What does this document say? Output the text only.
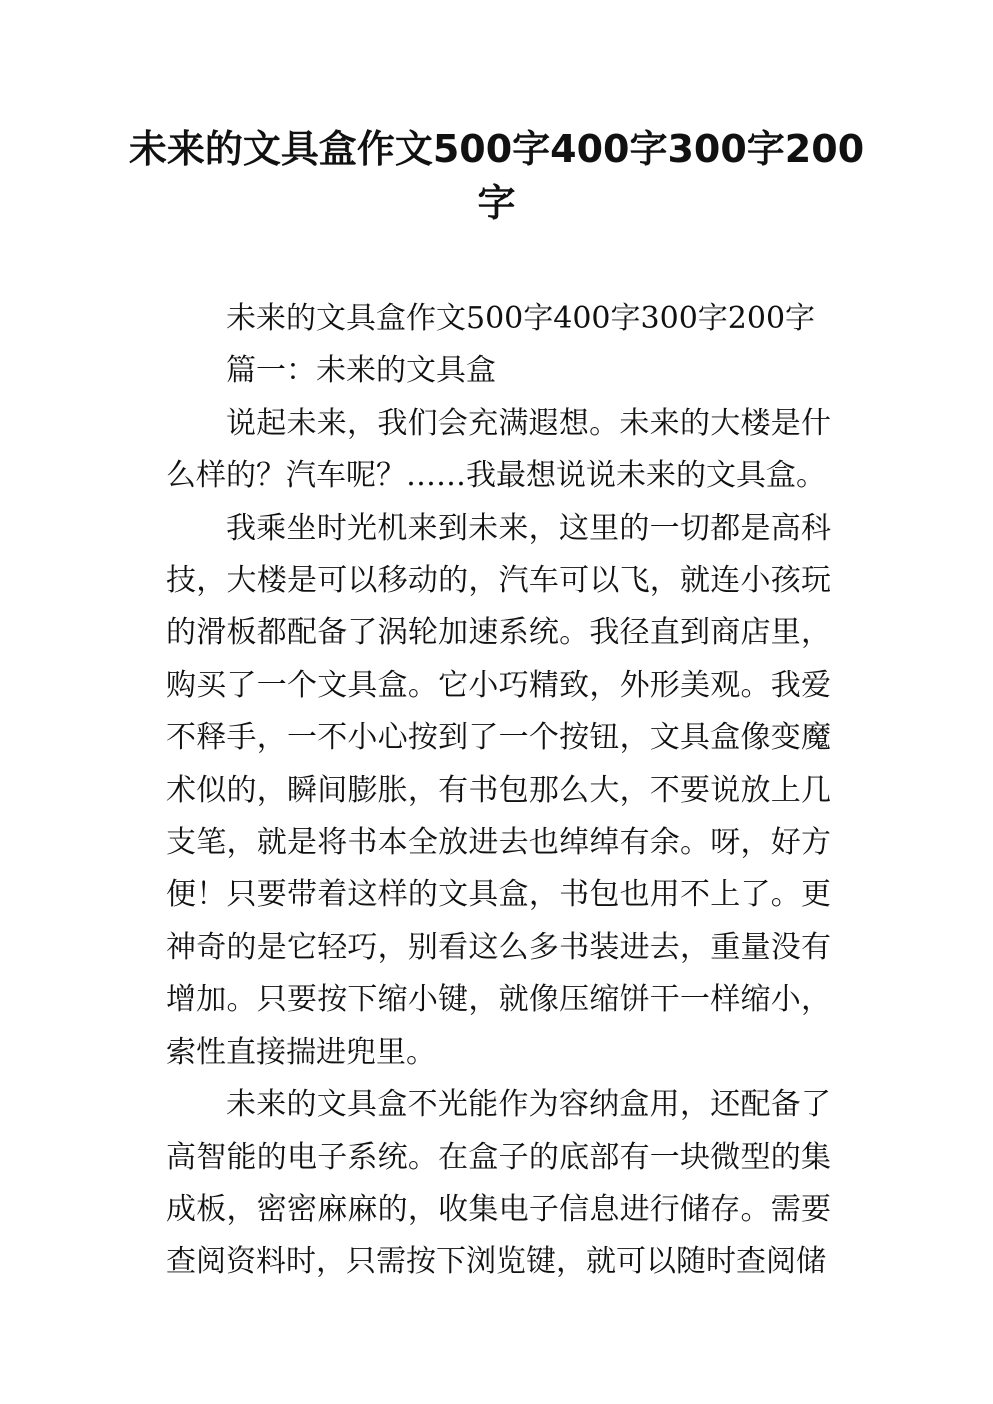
未来的文具盒作文500字400字300字200字

未来的文具盒作文500字400字300字200字

篇一：未来的文具盒

说起未来，我们会充满遐想。未来的大楼是什么样的？汽车呢？……我最想说说未来的文具盒。

我乘坐时光机来到未来，这里的一切都是高科技，大楼是可以移动的，汽车可以飞，就连小孩玩的滑板都配备了涡轮加速系统。我径直到商店里，购买了一个文具盒。它小巧精致，外形美观。我爱不释手，一不小心按到了一个按钮，文具盒像变魔术似的，瞬间膨胀，有书包那么大，不要说放上几支笔，就是将书本全放进去也绰绰有余。呀，好方便！只要带着这样的文具盒，书包也用不上了。更神奇的是它轻巧，别看这么多书装进去，重量没有增加。只要按下缩小键，就像压缩饼干一样缩小，索性直接揣进兜里。

未来的文具盒不光能作为容纳盒用，还配备了高智能的电子系统。在盒子的底部有一块微型的集成板，密密麻麻的，收集电子信息进行储存。需要查阅资料时，只需按下浏览键，就可以随时查阅储
